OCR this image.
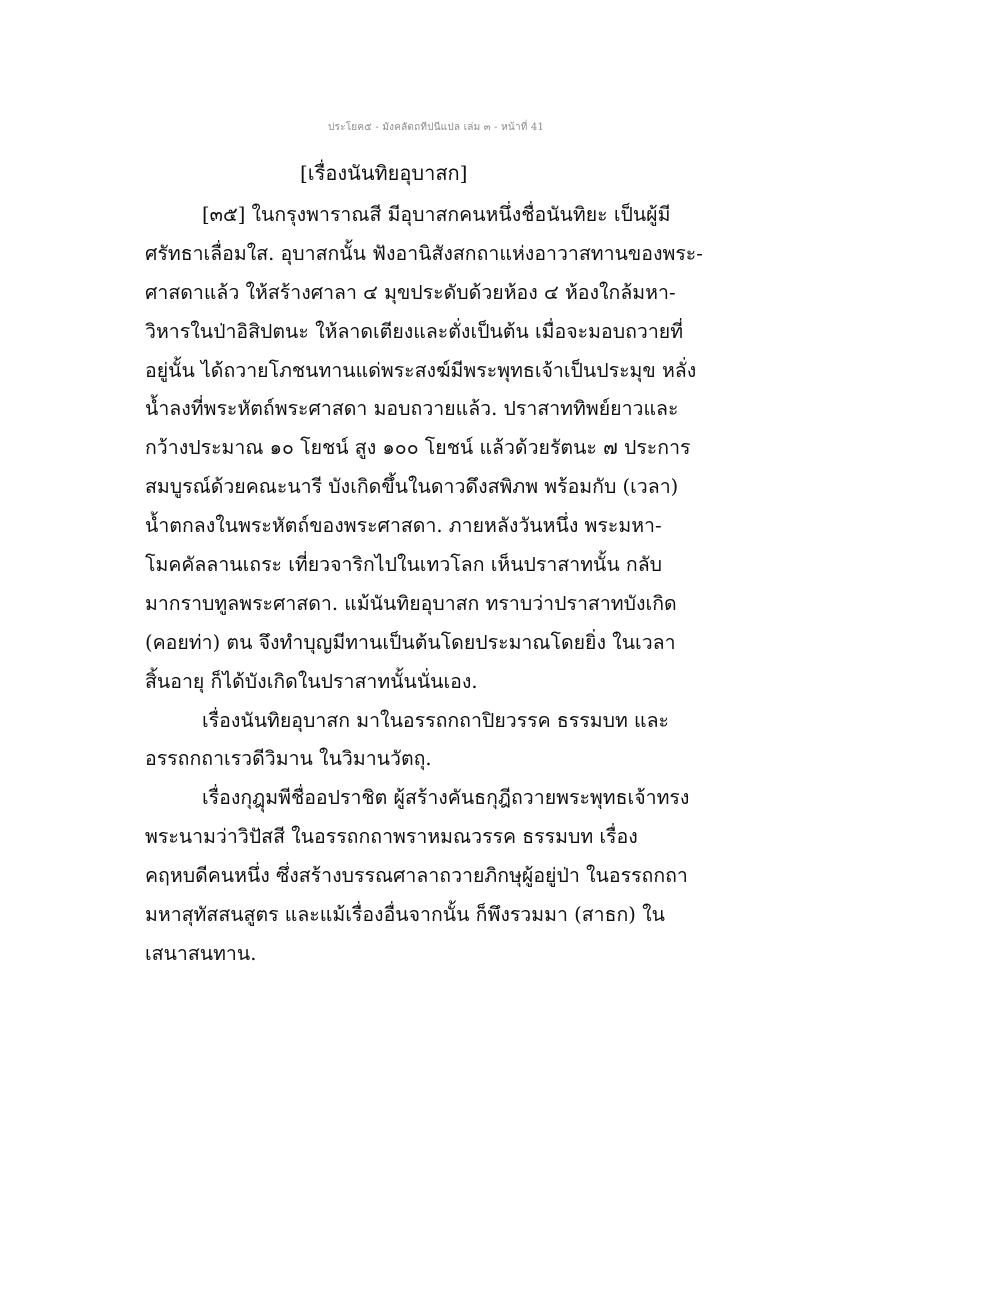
ประโยค๕ - มังคลัตถทีปนีแปล เล่ม ๓ - หน้าที่ 41
[เรื่องนันทิยอุบาสก]
[๓๕] ในกรุงพาราณสี มีอุบาสกคนหนึ่งชื่อนันทิยะ เป็นผู้มี
ศรัทธาเลื่อมใส. อุบาสกนั้น ฟังอานิสังสกถาแห่งอาวาสทานของพระ-
ศาสดาแล้ว ให้สร้างศาลา ๔ มุขประดับด้วยห้อง ๔ ห้องใกล้มหา-
วิหารในป่าอิสิปตนะ ให้ลาดเตียงและตั่งเป็นต้น เมื่อจะมอบถวายที่
อยู่นั้น ได้ถวายโภชนทานแด่พระสงฆ์มีพระพุทธเจ้าเป็นประมุข หลั่ง
น้ำลงที่พระหัตถ์พระศาสดา มอบถวายแล้ว. ปราสาททิพย์ยาวและ
กว้างประมาณ ๑๐ โยชน์ สูง ๑๐๐ โยชน์ แล้วด้วยรัตนะ ๗ ประการ
สมบูรณ์ด้วยคณะนารี บังเกิดขึ้นในดาวดึงสพิภพ พร้อมกับ (เวลา)
น้ำตกลงในพระหัตถ์ของพระศาสดา. ภายหลังวันหนึ่ง พระมหา-
โมคคัลลานเถระ เที่ยวจาริกไปในเทวโลก เห็นปราสาทนั้น กลับ
มากราบทูลพระศาสดา. แม้นันทิยอุบาสก ทราบว่าปราสาทบังเกิด
(คอยท่า) ตน จึงทำบุญมีทานเป็นต้นโดยประมาณโดยยิ่ง ในเวลา
สิ้นอายุ ก็ได้บังเกิดในปราสาทนั้นนั่นเอง.
เรื่องนันทิยอุบาสก มาในอรรถกถาปิยวรรค ธรรมบท และ
อรรถกถาเรวดีวิมาน ในวิมานวัตถุ.
เรื่องกุฎุมพีชื่ออปราชิต ผู้สร้างคันธกุฎีถวายพระพุทธเจ้าทรง
พระนามว่าวิปัสสี ในอรรถกถาพราหมณวรรค ธรรมบท เรื่อง
คฤหบดีคนหนึ่ง ซึ่งสร้างบรรณศาลาถวายภิกษุผู้อยู่ป่า ในอรรถกถา
มหาสุทัสสนสูตร และแม้เรื่องอื่นจากนั้น ก็พึงรวมมา (สาธก) ใน
เสนาสนทาน.
